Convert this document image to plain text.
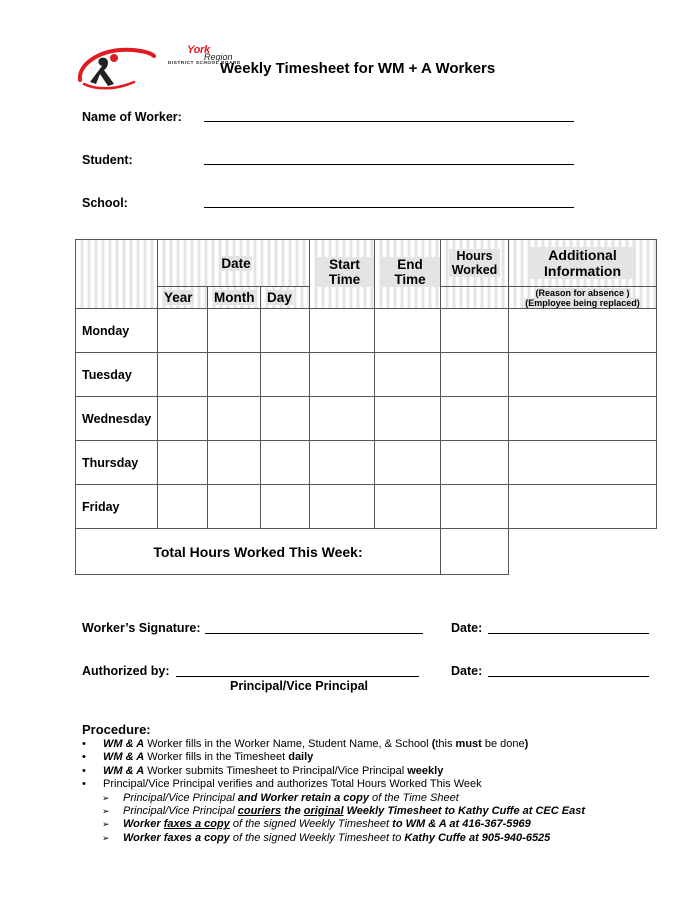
York
Region
DISTRICT SCHOOL BOARD
Weekly Timesheet for WM + A Workers
Name of Worker:
Student:
School:
	Date			Start Time	End Time	Hours Worked	Additional Information
	Year	Month	Day				(Reason for absence )
(Employee being replaced)
Monday							
Tuesday							
Wednesday							
Thursday							
Friday							
Total Hours Worked This Week:							
Worker’s Signature:	Date:
Authorized by:	Date:
Principal/Vice Principal
Procedure:
• WM & A Worker fills in the Worker Name, Student Name, & School (this must be done)
• WM & A Worker fills in the Timesheet daily
• WM & A Worker submits Timesheet to Principal/Vice Principal weekly
• Principal/Vice Principal verifies and authorizes Total Hours Worked This Week
➢ Principal/Vice Principal and Worker retain a copy of the Time Sheet
➢ Principal/Vice Principal couriers the original Weekly Timesheet to Kathy Cuffe at CEC East
➢ Worker faxes a copy of the signed Weekly Timesheet to WM & A at 416-367-5969
➢ Worker faxes a copy of the signed Weekly Timesheet to Kathy Cuffe at 905-940-6525
